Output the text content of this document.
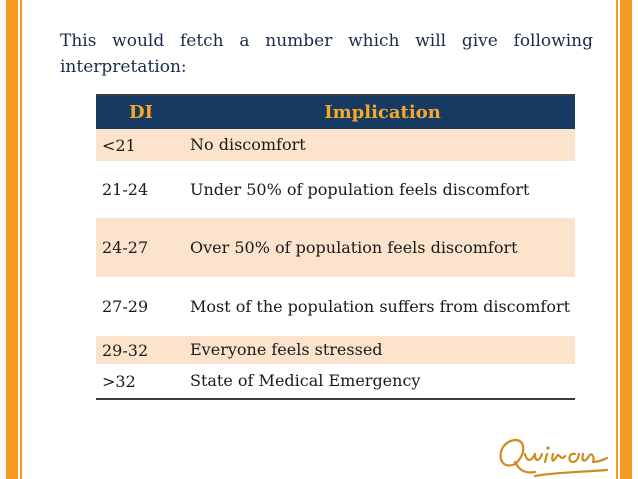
This would fetch a number which will give following interpretation:

DI	Implication
<21	No discomfort
21-24	Under 50% of population feels discomfort
24-27	Over 50% of population feels discomfort
27-29	Most of the population suffers from discomfort
29-32	Everyone feels stressed
>32	State of Medical Emergency
